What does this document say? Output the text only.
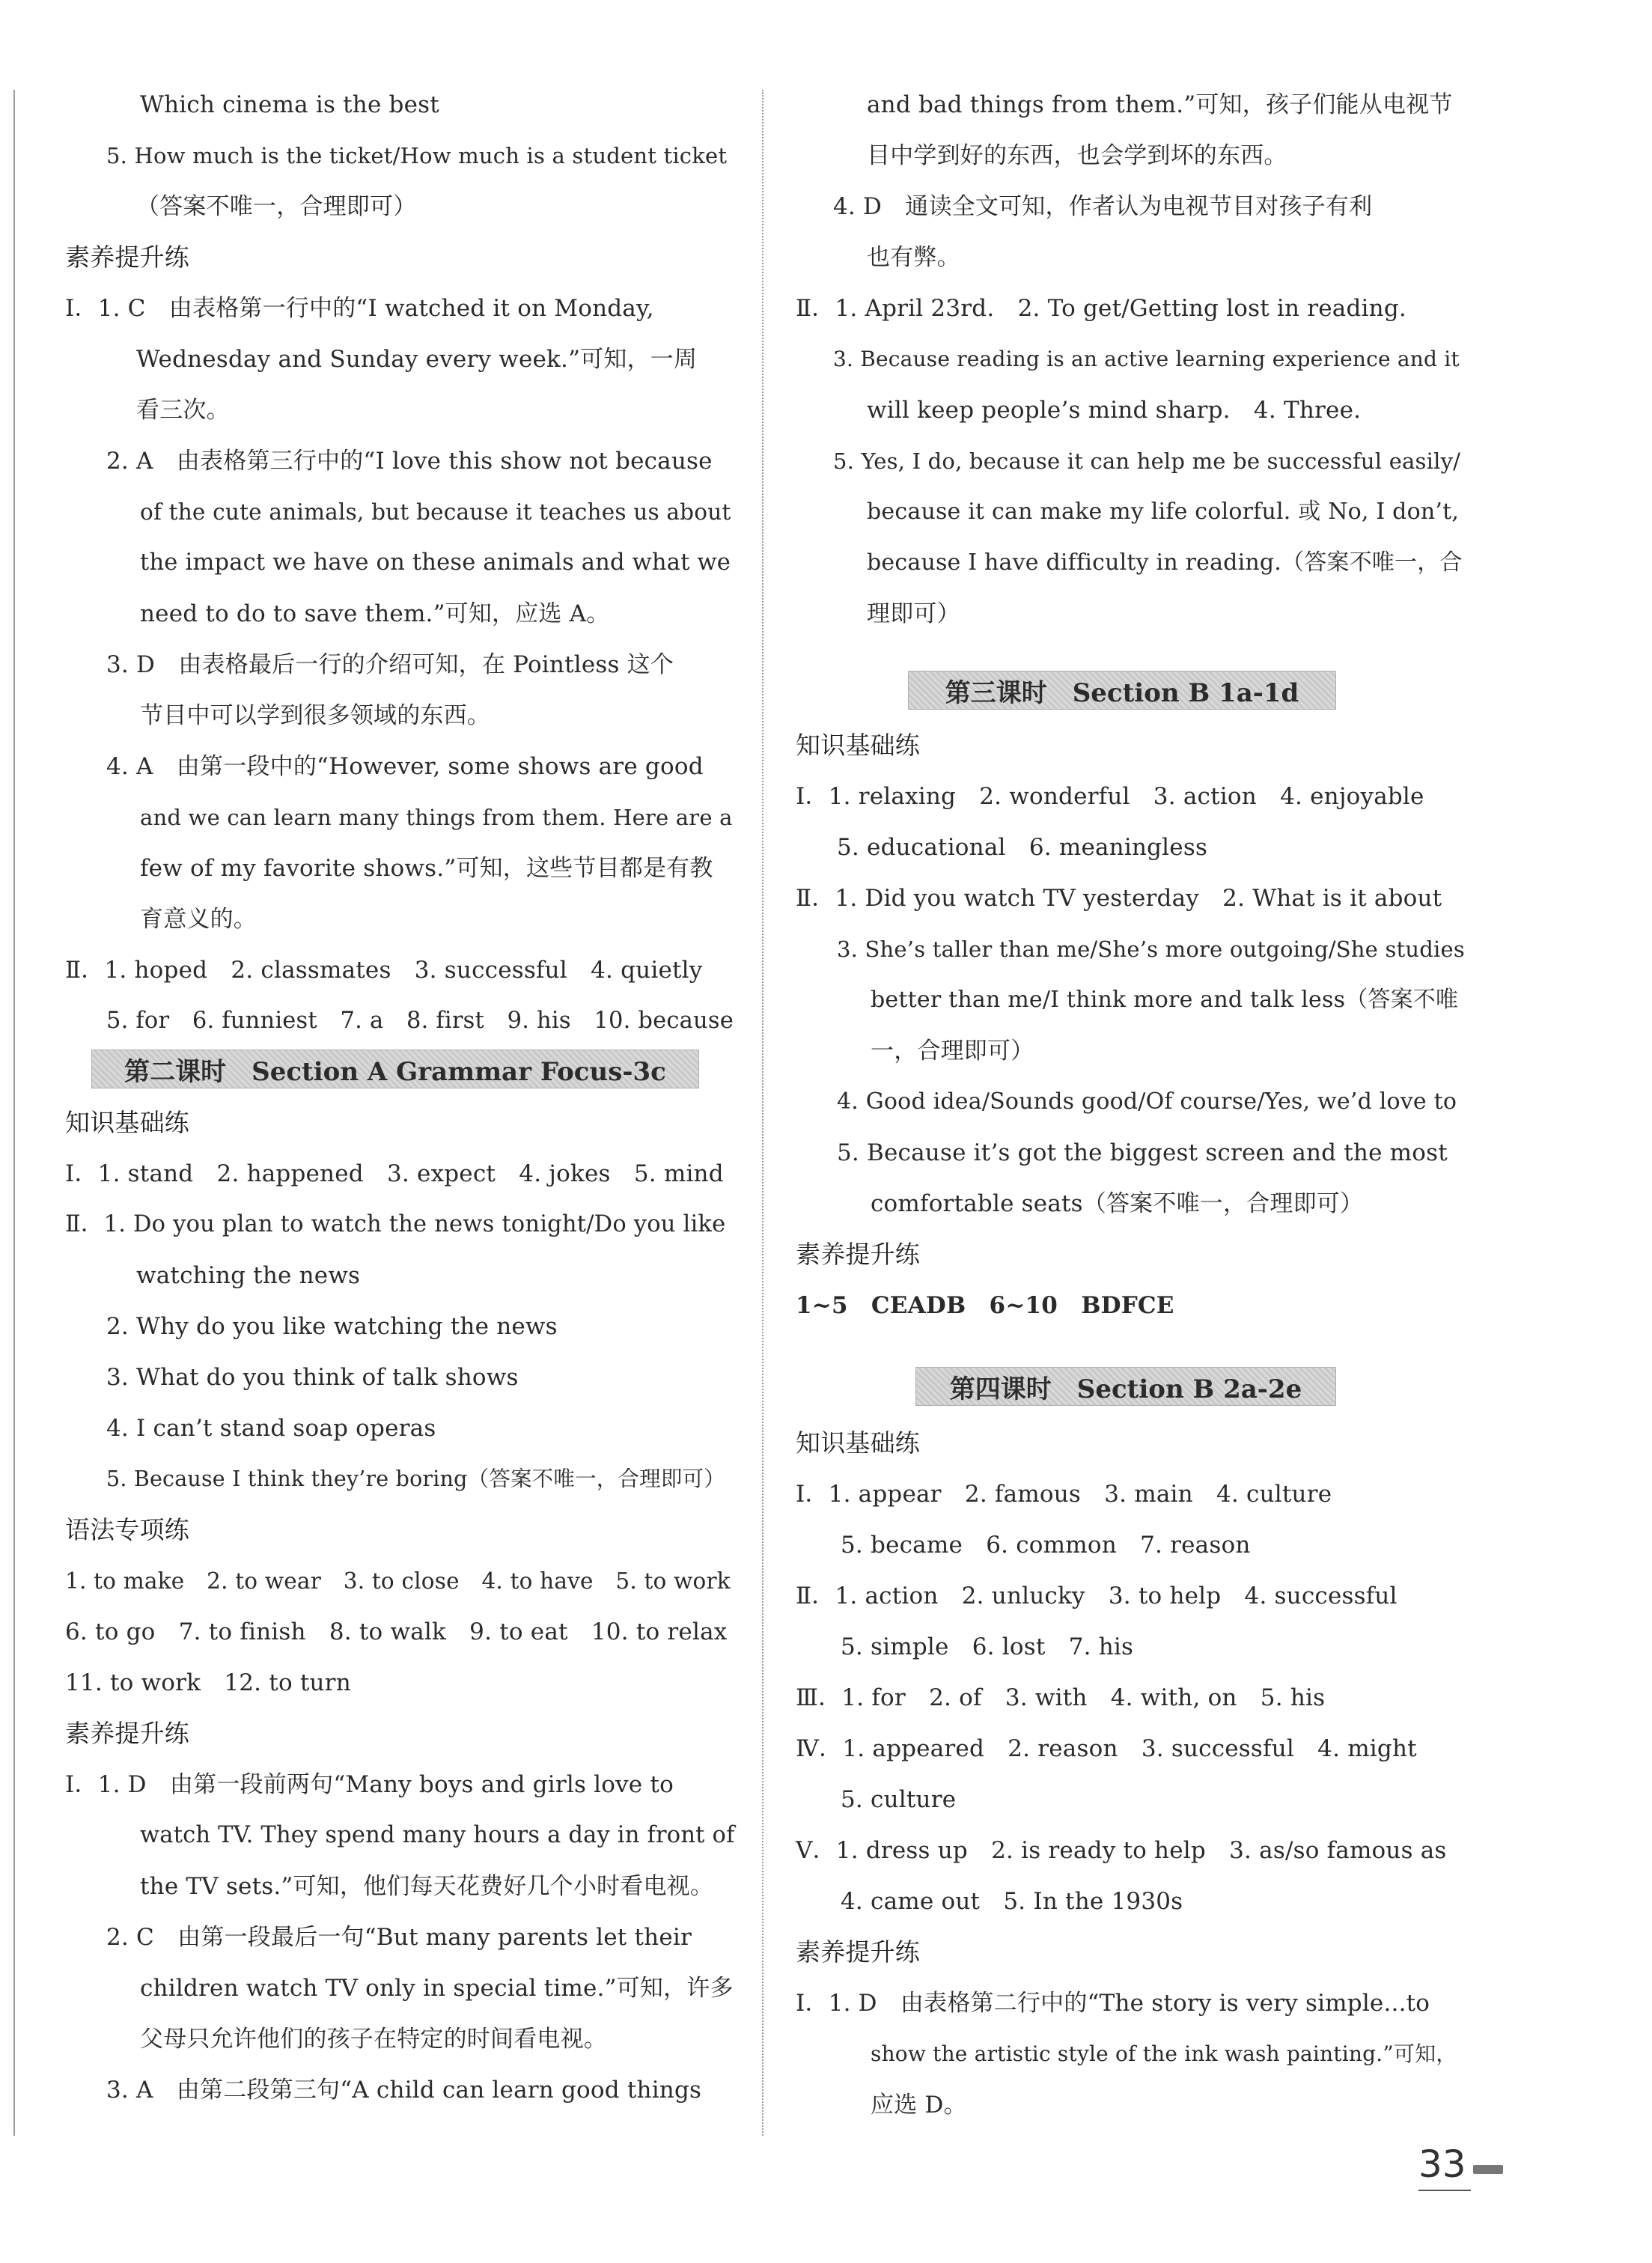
Which cinema is the best
5. How much is the ticket/How much is a student ticket
（答案不唯一，合理即可）
素养提升练
Ⅰ．1. C　由表格第一行中的“I watched it on Monday,
Wednesday and Sunday every week.”可知，一周
看三次。
2. A　由表格第三行中的“I love this show not because
of the cute animals, but because it teaches us about
the impact we have on these animals and what we
need to do to save them.”可知，应选 A。
3. D　由表格最后一行的介绍可知，在 Pointless 这个
节目中可以学到很多领域的东西。
4. A　由第一段中的“However, some shows are good
and we can learn many things from them. Here are a
few of my favorite shows.”可知，这些节目都是有教
育意义的。
Ⅱ．1. hoped　2. classmates　3. successful　4. quietly
5. for　6. funniest　7. a　8. first　9. his　10. because
第二课时　Section A Grammar Focus-3c
知识基础练
Ⅰ．1. stand　2. happened　3. expect　4. jokes　5. mind
Ⅱ．1. Do you plan to watch the news tonight/Do you like
watching the news
2. Why do you like watching the news
3. What do you think of talk shows
4. I can’t stand soap operas
5. Because I think they’re boring（答案不唯一，合理即可）
语法专项练
1. to make　2. to wear　3. to close　4. to have　5. to work
6. to go　7. to finish　8. to walk　9. to eat　10. to relax
11. to work　12. to turn
素养提升练
Ⅰ．1. D　由第一段前两句“Many boys and girls love to
watch TV. They spend many hours a day in front of
the TV sets.”可知，他们每天花费好几个小时看电视。
2. C　由第一段最后一句“But many parents let their
children watch TV only in special time.”可知，许多
父母只允许他们的孩子在特定的时间看电视。
3. A　由第二段第三句“A child can learn good things
and bad things from them.”可知，孩子们能从电视节
目中学到好的东西，也会学到坏的东西。
4. D　通读全文可知，作者认为电视节目对孩子有利
也有弊。
Ⅱ．1. April 23rd.　2. To get/Getting lost in reading.
3. Because reading is an active learning experience and it
will keep people’s mind sharp.　4. Three.
5. Yes, I do, because it can help me be successful easily/
because it can make my life colorful. 或 No, I don’t,
because I have difficulty in reading.（答案不唯一，合
理即可）
第三课时　Section B 1a-1d
知识基础练
Ⅰ．1. relaxing　2. wonderful　3. action　4. enjoyable
5. educational　6. meaningless
Ⅱ．1. Did you watch TV yesterday　2. What is it about
3. She’s taller than me/She’s more outgoing/She studies
better than me/I think more and talk less（答案不唯
一，合理即可）
4. Good idea/Sounds good/Of course/Yes, we’d love to
5. Because it’s got the biggest screen and the most
comfortable seats（答案不唯一，合理即可）
素养提升练
1~5　CEADB　6~10　BDFCE
第四课时　Section B 2a-2e
知识基础练
Ⅰ．1. appear　2. famous　3. main　4. culture
5. became　6. common　7. reason
Ⅱ．1. action　2. unlucky　3. to help　4. successful
5. simple　6. lost　7. his
Ⅲ．1. for　2. of　3. with　4. with, on　5. his
Ⅳ．1. appeared　2. reason　3. successful　4. might
5. culture
Ⅴ．1. dress up　2. is ready to help　3. as/so famous as
4. came out　5. In the 1930s
素养提升练
Ⅰ．1. D　由表格第二行中的“The story is very simple...to
show the artistic style of the ink wash painting.”可知，
应选 D。
33
